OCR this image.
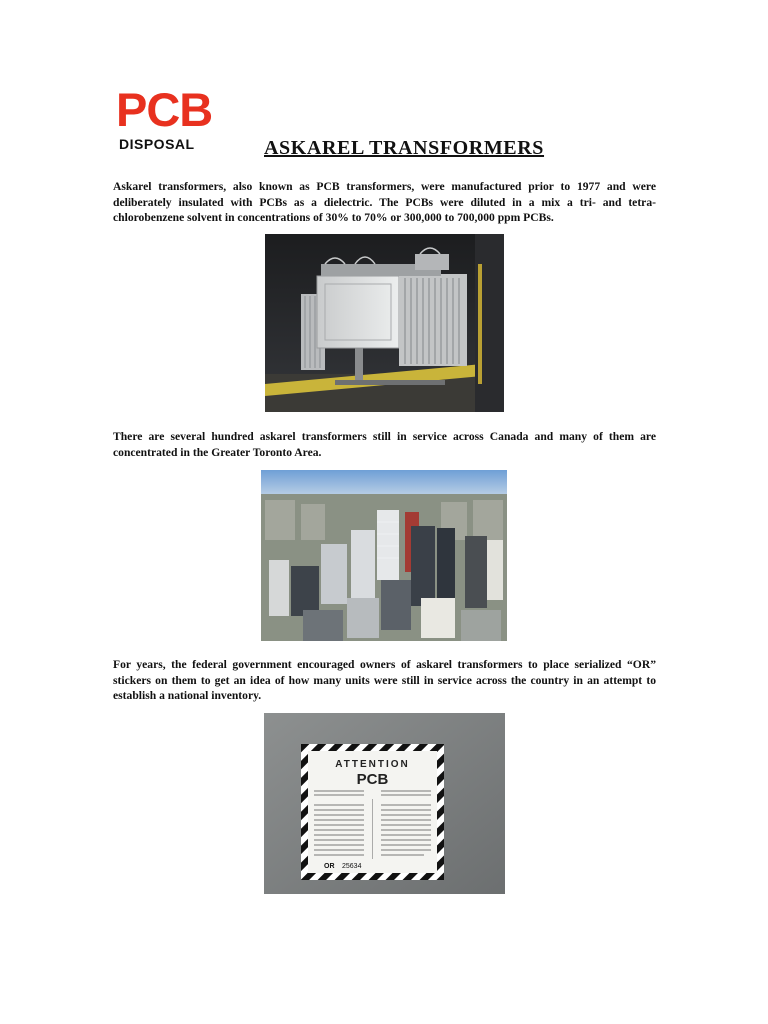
PCB
DISPOSAL	ASKAREL TRANSFORMERS

Askarel transformers, also known as PCB transformers, were manufactured prior to 1977 and were deliberately insulated with PCBs as a dielectric. The PCBs were diluted in a mix a tri- and tetra-chlorobenzene solvent in concentrations of 30% to 70% or 300,000 to 700,000 ppm PCBs.

There are several hundred askarel transformers still in service across Canada and many of them are concentrated in the Greater Toronto Area.

For years, the federal government encouraged owners of askarel transformers to place serialized “OR” stickers on them to get an idea of how many units were still in service across the country in an attempt to establish a national inventory.

ATTENTION
PCB
OR 25634
